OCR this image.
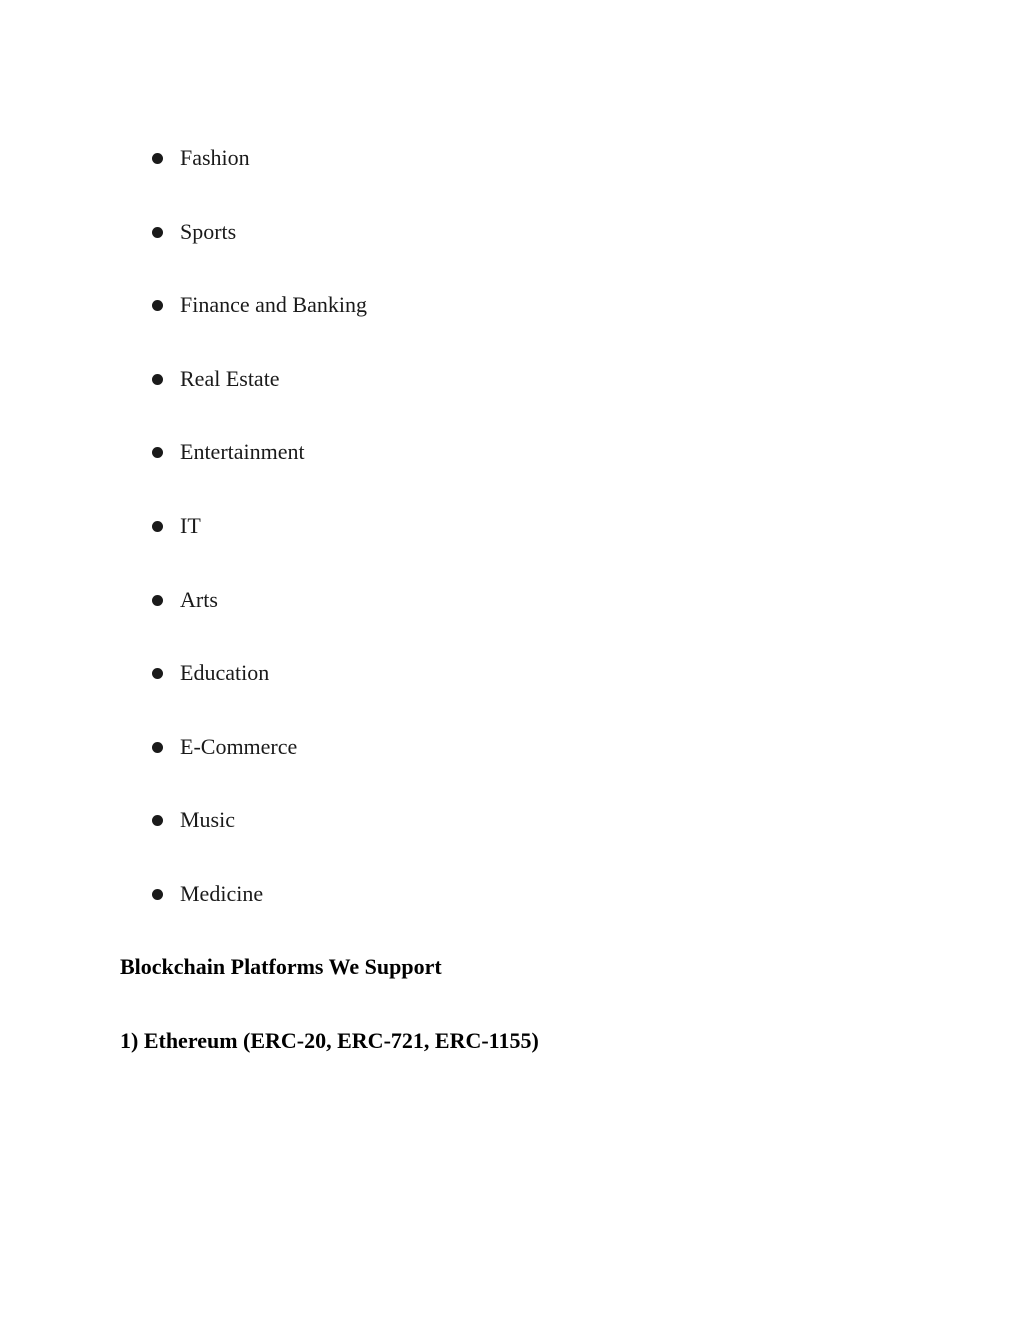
Fashion
Sports
Finance and Banking
Real Estate
Entertainment
IT
Arts
Education
E-Commerce
Music
Medicine
Blockchain Platforms We Support
1) Ethereum (ERC-20, ERC-721, ERC-1155)
